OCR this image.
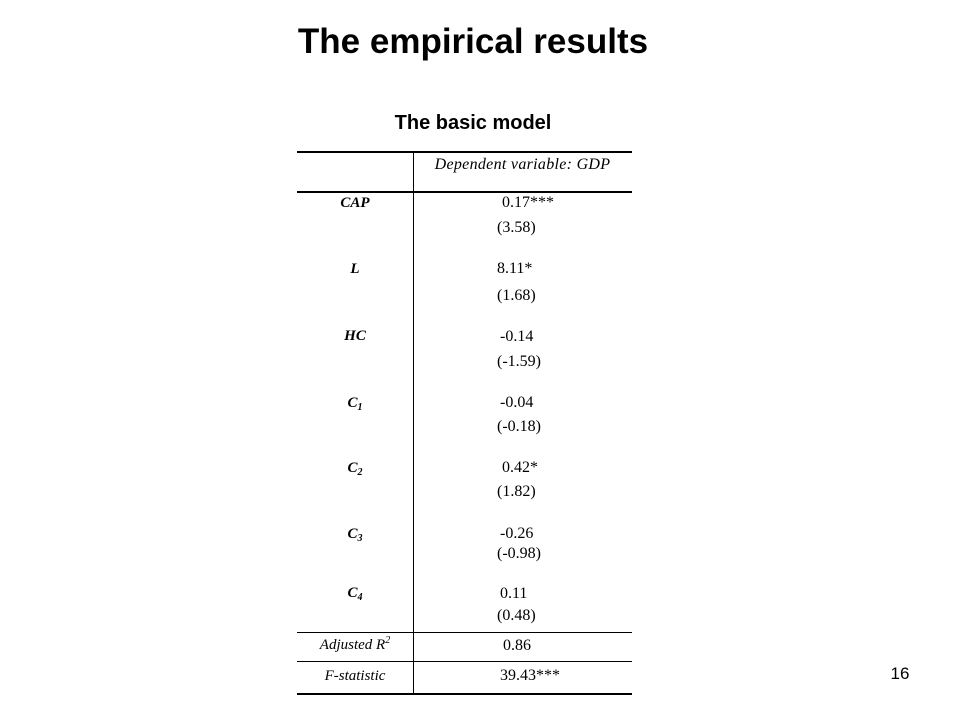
The empirical results
The basic model
Dependent variable: GDP
CAP	0.17***
(3.58)
L	8.11*
(1.68)
HC	-0.14
(-1.59)
$C_1$	-0.04
(-0.18)
$C_2$	0.42*
(1.82)
$C_3$	-0.26
(-0.98)
$C_4$	0.11
(0.48)
Adjusted $R^2$	0.86
F-statistic	39.43***	16
